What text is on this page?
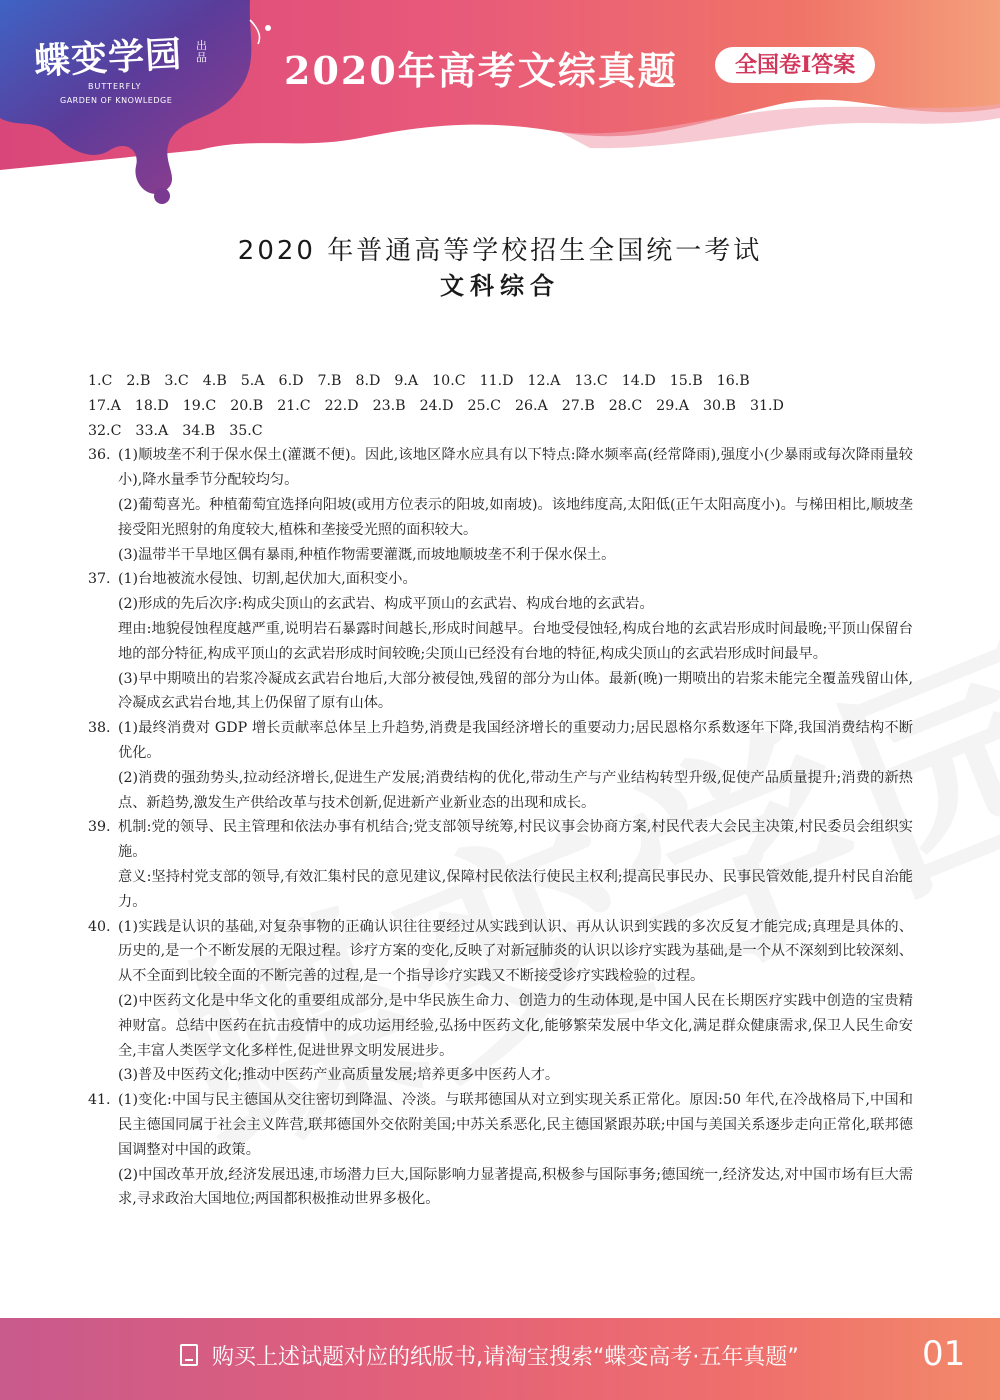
蝶变学园 出品
BUTTERFLY
GARDEN OF KNOWLEDGE
2020年高考文综真题	全国卷Ⅰ答案
2020 年普通高等学校招生全国统一考试
文科综合
1.C 2.B 3.C 4.B 5.A 6.D 7.B 8.D 9.A 10.C 11.D 12.A 13.C 14.D 15.B 16.B
17.A 18.D 19.C 20.B 21.C 22.D 23.B 24.D 25.C 26.A 27.B 28.C 29.A 30.B 31.D
32.C 33.A 34.B 35.C
36. (1)顺坡垄不利于保水保土(灌溉不便)。因此,该地区降水应具有以下特点:降水频率高(经常降雨),强度小(少暴雨或每次降雨量较小),降水量季节分配较均匀。

(2)葡萄喜光。种植葡萄宜选择向阳坡(或用方位表示的阳坡,如南坡)。该地纬度高,太阳低(正午太阳高度小)。与梯田相比,顺坡垄接受阳光照射的角度较大,植株和垄接受光照的面积较大。

(3)温带半干旱地区偶有暴雨,种植作物需要灌溉,而坡地顺坡垄不利于保水保土。

37. (1)台地被流水侵蚀、切割,起伏加大,面积变小。

(2)形成的先后次序:构成尖顶山的玄武岩、构成平顶山的玄武岩、构成台地的玄武岩。

理由:地貌侵蚀程度越严重,说明岩石暴露时间越长,形成时间越早。台地受侵蚀轻,构成台地的玄武岩形成时间最晚;平顶山保留台地的部分特征,构成平顶山的玄武岩形成时间较晚;尖顶山已经没有台地的特征,构成尖顶山的玄武岩形成时间最早。

(3)早中期喷出的岩浆冷凝成玄武岩台地后,大部分被侵蚀,残留的部分为山体。最新(晚)一期喷出的岩浆未能完全覆盖残留山体,冷凝成玄武岩台地,其上仍保留了原有山体。

38. (1)最终消费对 GDP 增长贡献率总体呈上升趋势,消费是我国经济增长的重要动力;居民恩格尔系数逐年下降,我国消费结构不断优化。

(2)消费的强劲势头,拉动经济增长,促进生产发展;消费结构的优化,带动生产与产业结构转型升级,促使产品质量提升;消费的新热点、新趋势,激发生产供给改革与技术创新,促进新产业新业态的出现和成长。

39. 机制:党的领导、民主管理和依法办事有机结合;党支部领导统筹,村民议事会协商方案,村民代表大会民主决策,村民委员会组织实施。

意义:坚持村党支部的领导,有效汇集村民的意见建议,保障村民依法行使民主权利;提高民事民办、民事民管效能,提升村民自治能力。

40. (1)实践是认识的基础,对复杂事物的正确认识往往要经过从实践到认识、再从认识到实践的多次反复才能完成;真理是具体的、历史的,是一个不断发展的无限过程。诊疗方案的变化,反映了对新冠肺炎的认识以诊疗实践为基础,是一个从不深刻到比较深刻、从不全面到比较全面的不断完善的过程,是一个指导诊疗实践又不断接受诊疗实践检验的过程。

(2)中医药文化是中华文化的重要组成部分,是中华民族生命力、创造力的生动体现,是中国人民在长期医疗实践中创造的宝贵精神财富。总结中医药在抗击疫情中的成功运用经验,弘扬中医药文化,能够繁荣发展中华文化,满足群众健康需求,保卫人民生命安全,丰富人类医学文化多样性,促进世界文明发展进步。

(3)普及中医药文化;推动中医药产业高质量发展;培养更多中医药人才。

41. (1)变化:中国与民主德国从交往密切到降温、冷淡。与联邦德国从对立到实现关系正常化。原因:50 年代,在冷战格局下,中国和民主德国同属于社会主义阵营,联邦德国外交依附美国;中苏关系恶化,民主德国紧跟苏联;中国与美国关系逐步走向正常化,联邦德国调整对中国的政策。

(2)中国改革开放,经济发展迅速,市场潜力巨大,国际影响力显著提高,积极参与国际事务;德国统一,经济发达,对中国市场有巨大需求,寻求政治大国地位;两国都积极推动世界多极化。

购买上述试题对应的纸版书,请淘宝搜索“蝶变高考·五年真题”	01
